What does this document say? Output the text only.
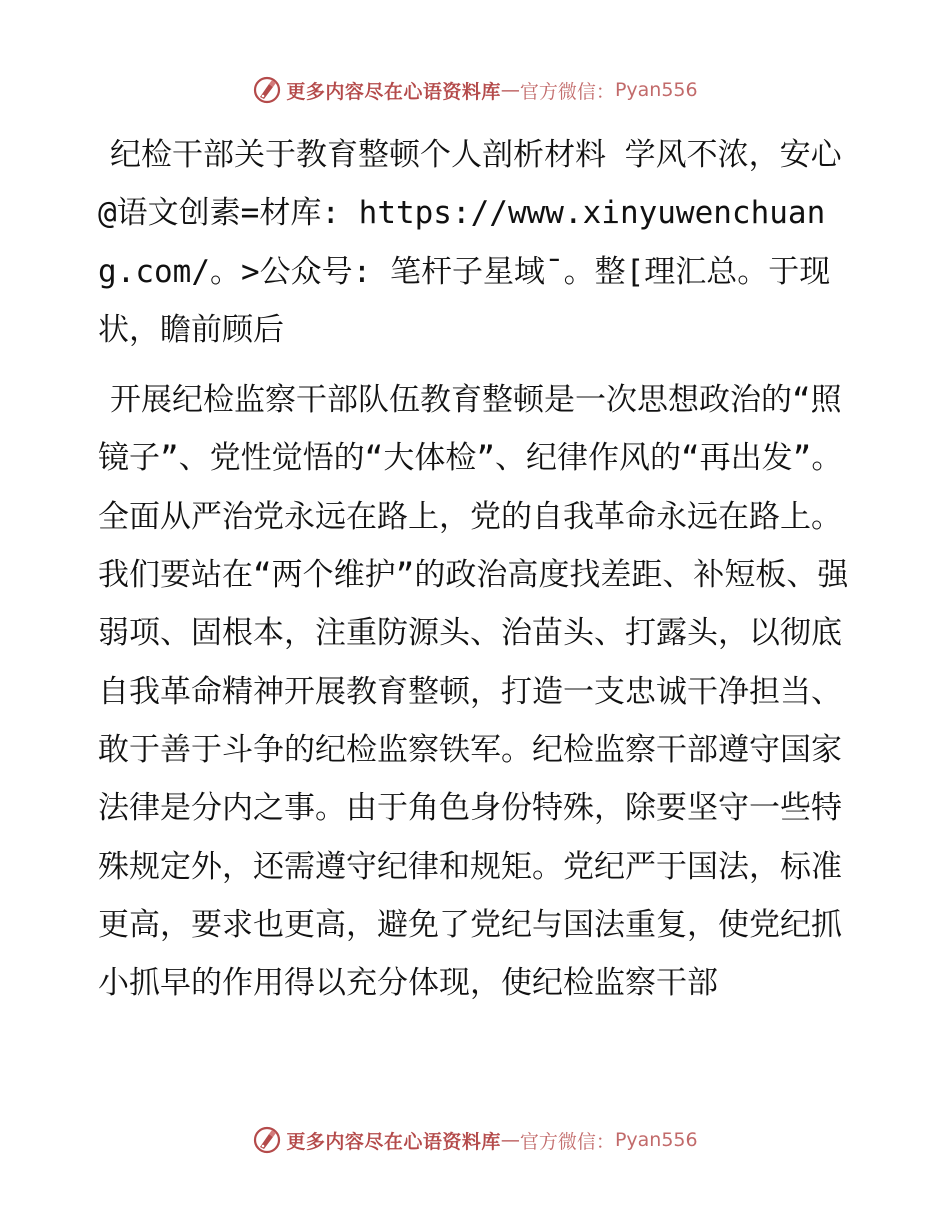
更多内容尽在心语资料库 — 官方微信： Pyan556

纪检干部关于教育整顿个人剖析材料 学风不浓，安心@语文创素=材库: https://www.xinyuwenchuang.com/。>公众号: 笔杆子星域¯。整[理汇总。于现状，瞻前顾后

开展纪检监察干部队伍教育整顿是一次思想政治的“照镜子”、党性觉悟的“大体检”、纪律作风的“再出发”。全面从严治党永远在路上，党的自我革命永远在路上。我们要站在“两个维护”的政治高度找差距、补短板、强弱项、固根本，注重防源头、治苗头、打露头，以彻底自我革命精神开展教育整顿，打造一支忠诚干净担当、敢于善于斗争的纪检监察铁军。纪检监察干部遵守国家法律是分内之事。由于角色身份特殊，除要坚守一些特殊规定外，还需遵守纪律和规矩。党纪严于国法，标准更高，要求也更高，避免了党纪与国法重复，使党纪抓小抓早的作用得以充分体现，使纪检监察干部

更多内容尽在心语资料库 — 官方微信： Pyan556
